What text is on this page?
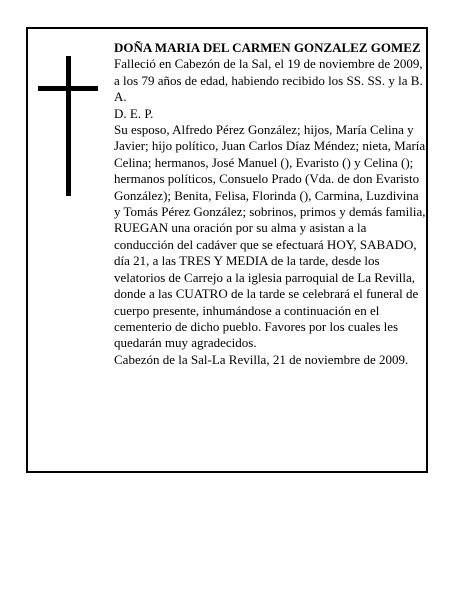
DOÑA MARIA DEL CARMEN GONZALEZ GOMEZ

Falleció en Cabezón de la Sal, el 19 de noviembre de 2009,

a los 79 años de edad, habiendo recibido los SS. SS. y la B. A.

D. E. P.

Su esposo, Alfredo Pérez González; hijos, María Celina y Javier; hijo político, Juan Carlos Díaz Méndez; nieta, María Celina; hermanos, José Manuel (), Evaristo () y Celina (); hermanos políticos, Consuelo Prado (Vda. de don Evaristo González); Benita, Felisa, Florinda (), Carmina, Luzdivina y Tomás Pérez González; sobrinos, primos y demás familia,

RUEGAN una oración por su alma y asistan a la conducción del cadáver que se efectuará HOY, SABADO, día 21, a las TRES Y MEDIA de la tarde, desde los velatorios de Carrejo a la iglesia parroquial de La Revilla, donde a las CUATRO de la tarde se celebrará el funeral de cuerpo presente, inhumándose a continuación en el cementerio de dicho pueblo. Favores por los cuales les quedarán muy agradecidos.

Cabezón de la Sal-La Revilla, 21 de noviembre de 2009.
